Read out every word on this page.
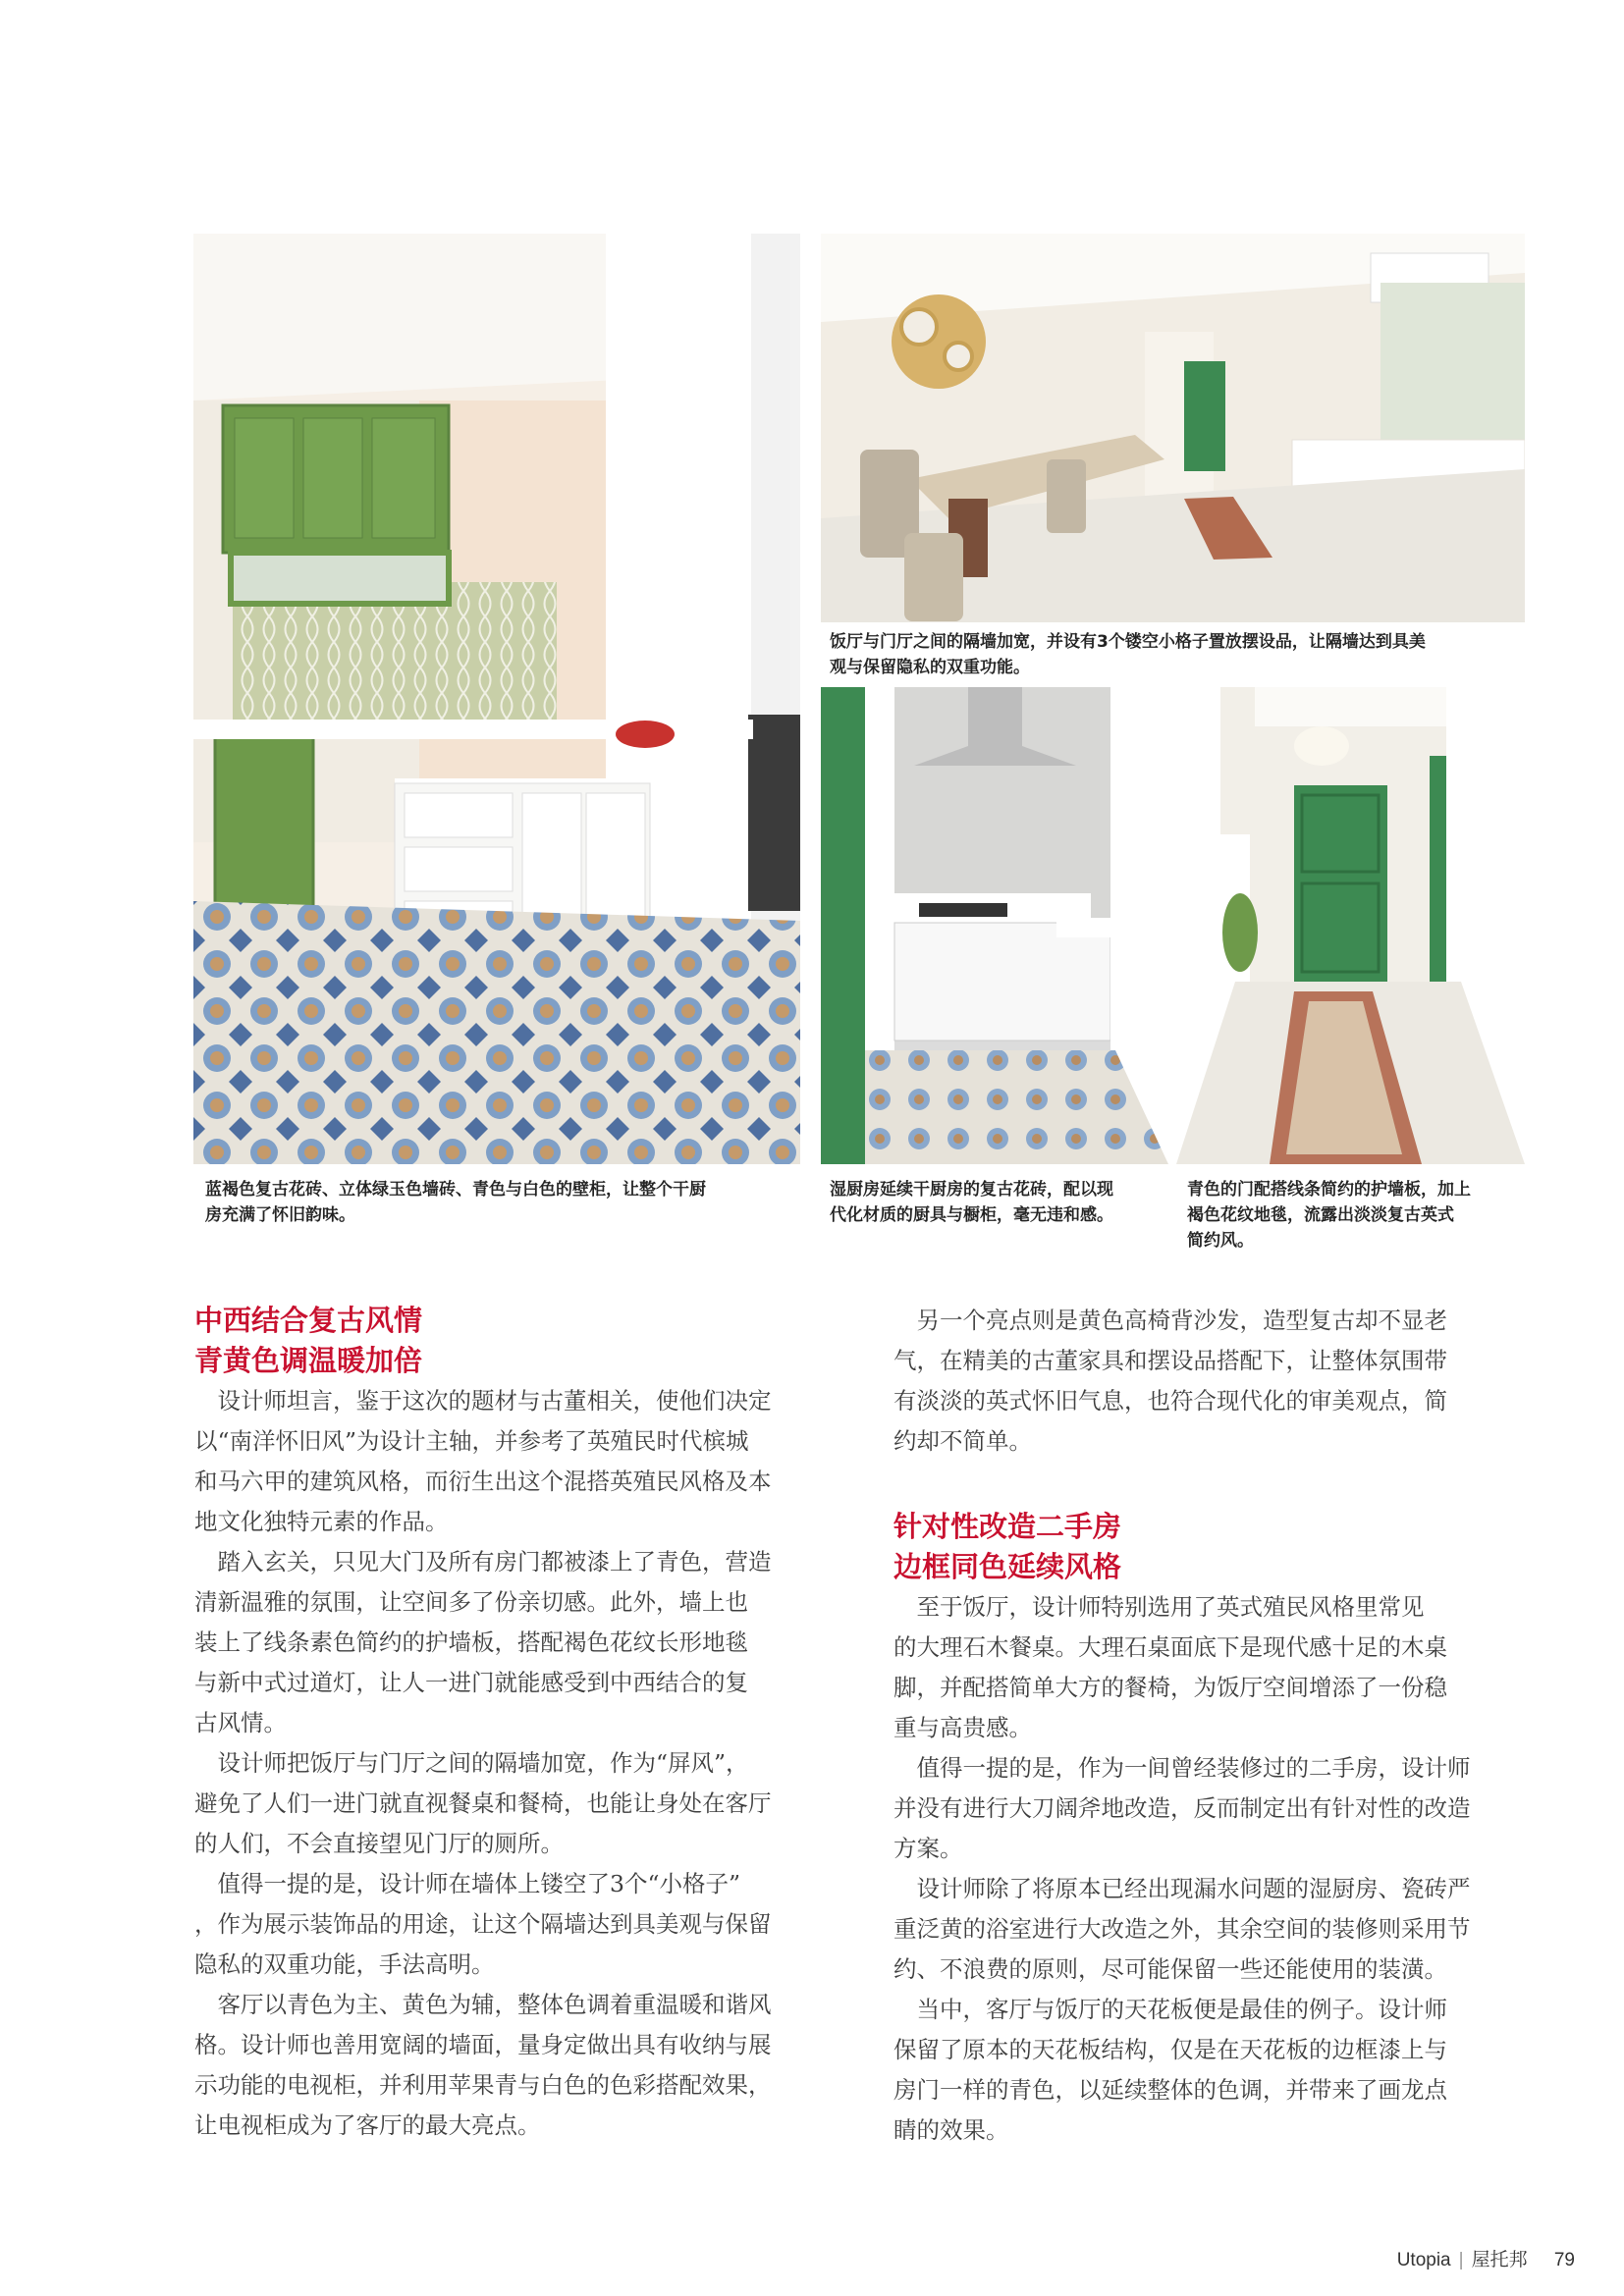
蓝褐色复古花砖、立体绿玉色墙砖、青色与白色的壁柜，让整个干厨
房充满了怀旧韵味。
饭厅与门厅之间的隔墙加宽，并设有3个镂空小格子置放摆设品，让隔墙达到具美
观与保留隐私的双重功能。
湿厨房延续干厨房的复古花砖，配以现
代化材质的厨具与橱柜，毫无违和感。
青色的门配搭线条简约的护墙板，加上
褐色花纹地毯，流露出淡淡复古英式
简约风。
中西结合复古风情
青黄色调温暖加倍

　设计师坦言，鉴于这次的题材与古董相关，使他们决定
以“南洋怀旧风”为设计主轴，并参考了英殖民时代槟城
和马六甲的建筑风格，而衍生出这个混搭英殖民风格及本
地文化独特元素的作品。

　踏入玄关，只见大门及所有房门都被漆上了青色，营造
清新温雅的氛围，让空间多了份亲切感。此外，墙上也
装上了线条素色简约的护墙板，搭配褐色花纹长形地毯
与新中式过道灯，让人一进门就能感受到中西结合的复
古风情。

　设计师把饭厅与门厅之间的隔墙加宽，作为“屏风”，
避免了人们一进门就直视餐桌和餐椅，也能让身处在客厅
的人们，不会直接望见门厅的厕所。

　值得一提的是，设计师在墙体上镂空了3个“小格子”
，作为展示装饰品的用途，让这个隔墙达到具美观与保留
隐私的双重功能，手法高明。

　客厅以青色为主、黄色为辅，整体色调着重温暖和谐风
格。设计师也善用宽阔的墙面，量身定做出具有收纳与展
示功能的电视柜，并利用苹果青与白色的色彩搭配效果，
让电视柜成为了客厅的最大亮点。

　另一个亮点则是黄色高椅背沙发，造型复古却不显老
气，在精美的古董家具和摆设品搭配下，让整体氛围带
有淡淡的英式怀旧气息，也符合现代化的审美观点，简
约却不简单。

针对性改造二手房
边框同色延续风格

　至于饭厅，设计师特别选用了英式殖民风格里常见
的大理石木餐桌。大理石桌面底下是现代感十足的木桌
脚，并配搭简单大方的餐椅，为饭厅空间增添了一份稳
重与高贵感。

　值得一提的是，作为一间曾经装修过的二手房，设计师
并没有进行大刀阔斧地改造，反而制定出有针对性的改造
方案。

　设计师除了将原本已经出现漏水问题的湿厨房、瓷砖严
重泛黄的浴室进行大改造之外，其余空间的装修则采用节
约、不浪费的原则，尽可能保留一些还能使用的装潢。

　当中，客厅与饭厅的天花板便是最佳的例子。设计师
保留了原本的天花板结构，仅是在天花板的边框漆上与
房门一样的青色，以延续整体的色调，并带来了画龙点
睛的效果。

Utopia | 屋托邦 79
